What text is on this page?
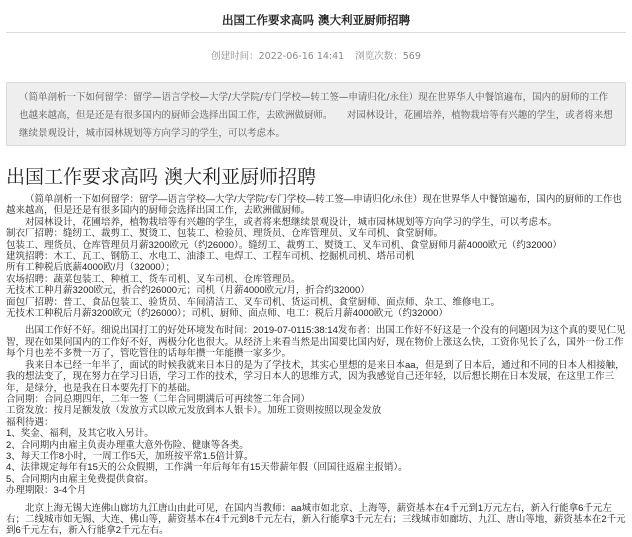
出国工作要求高吗 澳大利亚厨师招聘
创建时间：2022-06-16 14:41 浏览次数：569
（简单剖析一下如何留学：留学—语言学校—大学/大学院/专门学校—转工签—申请归化/永住）现在世界华人中餐馆遍布，国内的厨师的工作也越来越高，但是还是有很多国内的厨师会选择出国工作，去欧洲做厨师。　　对园林设计，花圃培养，植物栽培等有兴趣的学生，或者将来想继续景观设计，城市园林规划等方向学习的学生，可以考虑本。
出国工作要求高吗 澳大利亚厨师招聘

（简单剖析一下如何留学：留学—语言学校—大学/大学院/专门学校—转工签—申请归化/永住）现在世界华人中餐馆遍布，国内的厨师的工作也越来越高，但是还是有很多国内的厨师会选择出国工作，去欧洲做厨师。

对园林设计，花圃培养，植物栽培等有兴趣的学生，或者将来想继续景观设计，城市园林规划等方向学习的学生，可以考虑本。

制衣厂招聘：缝纫工、裁剪工、熨烫工、包装工、检验员、理货员、仓库管理员、叉车司机、食堂厨师。

包装工、理货员、仓库管理员月薪3200欧元（约26000）。缝纫工、裁剪工、熨烫工、叉车司机、食堂厨师月薪4000欧元（约32000）

建筑招聘：木工、瓦工、钢筋工、水电工、油漆工、电焊工、工程车司机、挖掘机司机、塔吊司机

所有工种税后底薪4000欧/月（32000）；

农场招聘：蔬菜包装工、种植工、货车司机、叉车司机、仓库管理员。

无技术工种月薪3200欧元，折合约26000元；司机（月薪4000欧元/月，折合约32000）

面包厂招聘：普工、食品包装工、验货员、车间清洁工、叉车司机、货运司机、食堂厨师、面点师、杂工、维修电工。

无技术工种税后月薪3200欧元（约26000）；司机、厨师、面点师、电工：税后月薪4000欧元（约32000）

出国工作好不好。细说出国打工的好处环境发布时间：2019-07-0115:38:14发布者：出国工作好不好这是一个没有的问题!因为这个真的要见仁见智，现在如果问国内的工作好不好，两极分化也很大。从经济上来看当然是出国要比国内好，现在物价上涨这么快，工资你见长了么，国外一份工作每个月也差不多赞一万了，管吃管住的话每年攒一年能攒一家多少。

我来日本已经一年半了，面试的时候我就来日本日的是为了学技术，其实心里想的是来日本aa，但是到了日本后，通过和不同的日本人相接触，我的想法变了，现在努力在学习日语，学习工作的技术，学习日本人的思维方式，因为我感觉自己还年轻，以后想长期在日本发展，在这里工作三年，是绿分，也是我在日本要先打下的基础。

合同期：合同总期四年，二年一签（二年合同期满后可再续签二年合同）

工资发放：按月足额发放（发放方式以欧元发放到本人银卡）。加班工资则按照以现金发放

福利待遇：

1、奖金、福利，及其它收入另计。

2、合同期内由雇主负责办理重大意外伤险、健康等各类。

3、每天工作8小时，一周工作5天，加班按平常1.5倍计算。

4、法律规定每年有15天的公众假期，工作满一年后每年有15天带薪年假（回国往返雇主报销）。

5、合同期内由雇主免费提供食宿。

办理期限：3-4个月

北京上海无锡大连佛山廊坊九江唐山由此可见，在国内当教师：aa城市如北京、上海等，薪资基本在4千元到1万元左右，新入行能拿6千元左右；二线城市如无锡、大连、佛山等，薪资基本在4千元到8千元左右，新入行能拿3千元左右；三线城市如廊坊、九江、唐山等地，薪资基本在2千元到6千元左右，新入行能拿2千元左右。
